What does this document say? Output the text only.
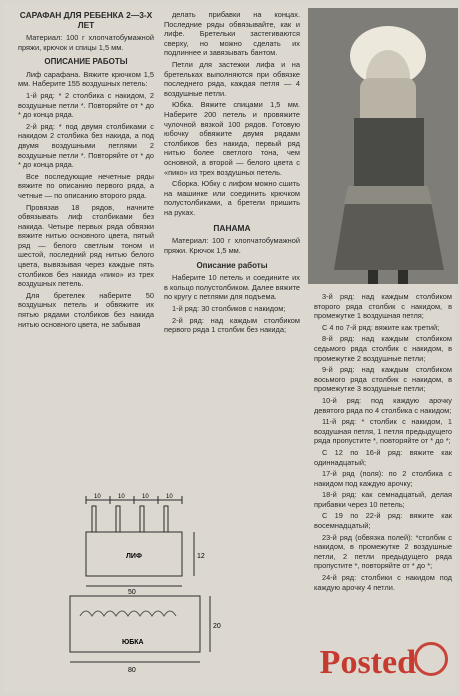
САРАФАН ДЛЯ РЕБЕНКА 2—3-Х ЛЕТ
Материал: 100 г хлопчатобумажной пряжи, крючок и спицы 1,5 мм.
ОПИСАНИЕ РАБОТЫ
Лиф сарафана. Вяжите крючком 1,5 мм. Наберите 155 воздушных петель:
1-й ряд: * 2 столбика с накидом, 2 воздушные петли *. Повторяйте от * до * до конца ряда.
2-й ряд: * под двумя столбиками с накидом 2 столбика без накида, а под двумя воздушными петлями 2 воздушные петли *. Повторяйте от * до * до конца ряда.
Все последующие нечетные ряды вяжите по описанию первого ряда, а четные — по описанию второго ряда.
Провязав 18 рядов, начните обвязывать лиф столбиками без накида. Четыре первых ряда обвязки вяжите нитью основного цвета, пятый ряд — белого светлым тоном и шестой, последний ряд нитью белого цвета, вывязывая через каждые пять столбиков без накида «пико» из трех воздушных петель.
Для бретелек наберите 50 воздушных петель и обвяжите их пятью рядами столбиков без накида нитью основного цвета, не забывая
делать прибавки на концах. Последние ряды обвязывайте, как и лифе. Бретельки застегиваются сверху, но можно сделать их подлиннее и завязывать бантом.
Петли для застежки лифа и на бретельках выполняются при обвязке последнего ряда, каждая петля — 4 воздушные петли.
Юбка. Вяжите спицами 1,5 мм. Наберите 200 петель и провяжите чулочной вязкой 100 рядов. Готовую юбочку обвяжите двумя рядами столбиков без накида, первый ряд нитью более светлого тона, чем основной, а второй — белого цвета с «пико» из трех воздушных петель.
Сборка. Юбку с лифом можно сшить на машинке или соединить крючком полустолбиками, а бретели пришить на руках.
ПАНАМА
Материал: 100 г хлопчатобумажной пряжи. Крючок 1,5 мм.
Описание работы
Наберите 10 петель и соедините их в кольцо полустолбиком. Далее вяжите по кругу с петлями для подъема.
1-й ряд: 30 столбиков с накидом;
2-й ряд: над каждым столбиком первого ряда 1 столбик без накида;
3-й ряд: над каждым столбиком второго ряда столбик с накидом, в промежутке 1 воздушная петля;
С 4 по 7-й ряд: вяжите как третий;
8-й ряд: над каждым столбиком седьмого ряда столбик с накидом, в промежутке 2 воздушные петли;
9-й ряд: над каждым столбиком восьмого ряда столбик с накидом, в промежутке 3 воздушные петли;
10-й ряд: под каждую арочку девятого ряда по 4 столбика с накидом;
11-й ряд: * столбик с накидом, 1 воздушная петля, 1 петля предыдущего ряда пропустите *, повторяйте от * до *;
С 12 по 16-й ряд: вяжите как одиннадцатый;
17-й ряд (поля): по 2 столбика с накидом под каждую арочку;
18-й ряд: как семнадцатый, делая прибавки через 10 петель;
С 19 по 22-й ряд: вяжите как восемнадцатый;
23-й ряд (обвязка полей): *столбик с накидом, в промежутке 2 воздушные петли, 2 петли предыдущего ряда пропустите *, повторяйте от * до *;
24-й ряд: столбики с накидом под каждую арочку 4 петли.
10	10	10	10
ЛИФ	12
50
ЮБКА
20
80	Posted
